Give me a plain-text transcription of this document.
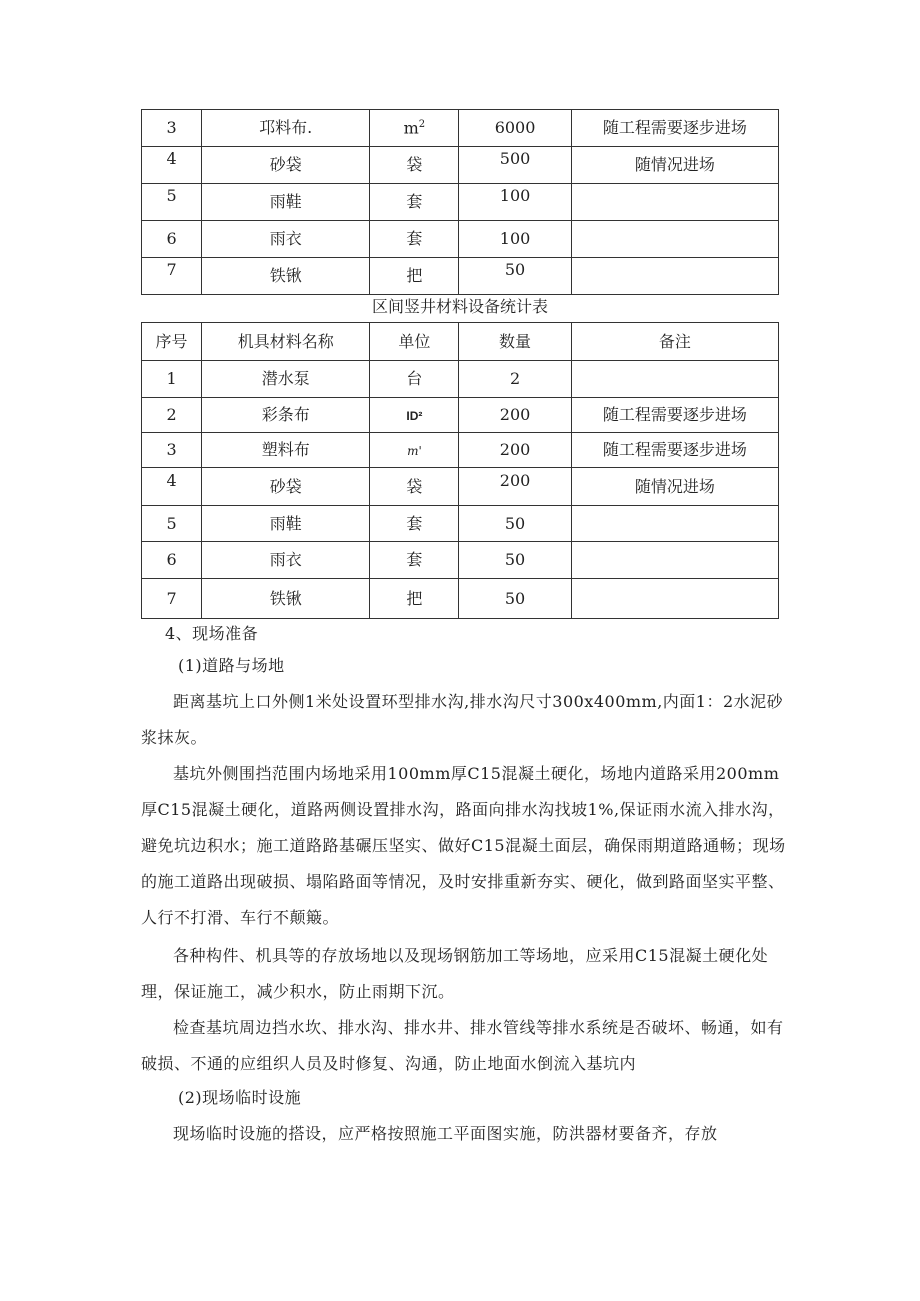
3	邛料布.	$m^2$	6000	随工程需要逐步进场
4	砂袋	袋	500	随情况进场
5	雨鞋	套	100	
6	雨衣	套	100	
7	铁锹	把	50	
区间竖井材料设备统计表
序号	机具材料名称	单位	数量	备注
1	潜水泵	台	2	
2	彩条布	ID²	200	随工程需要逐步进场
3	塑料布	m'	200	随工程需要逐步进场
4	砂袋	袋	200	随情况进场
5	雨鞋	套	50	
6	雨衣	套	50	
7	铁锹	把	50	
4、现场准备
(1)道路与场地
距离基坑上口外侧1米处设置环型排水沟,排水沟尺寸300x400mm,内面1：2水泥砂浆抹灰。
基坑外侧围挡范围内场地采用100mm厚C15混凝土硬化，场地内道路采用200mm厚C15混凝土硬化，道路两侧设置排水沟，路面向排水沟找坡1%,保证雨水流入排水沟，避免坑边积水；施工道路路基碾压坚实、做好C15混凝土面层，确保雨期道路通畅；现场的施工道路出现破损、塌陷路面等情况，及时安排重新夯实、硬化，做到路面坚实平整、人行不打滑、车行不颠簸。
各种构件、机具等的存放场地以及现场钢筋加工等场地，应采用C15混凝土硬化处理，保证施工，减少积水，防止雨期下沉。
检查基坑周边挡水坎、排水沟、排水井、排水管线等排水系统是否破坏、畅通，如有破损、不通的应组织人员及时修复、沟通，防止地面水倒流入基坑内
(2)现场临时设施
现场临时设施的搭设，应严格按照施工平面图实施，防洪器材要备齐，存放
